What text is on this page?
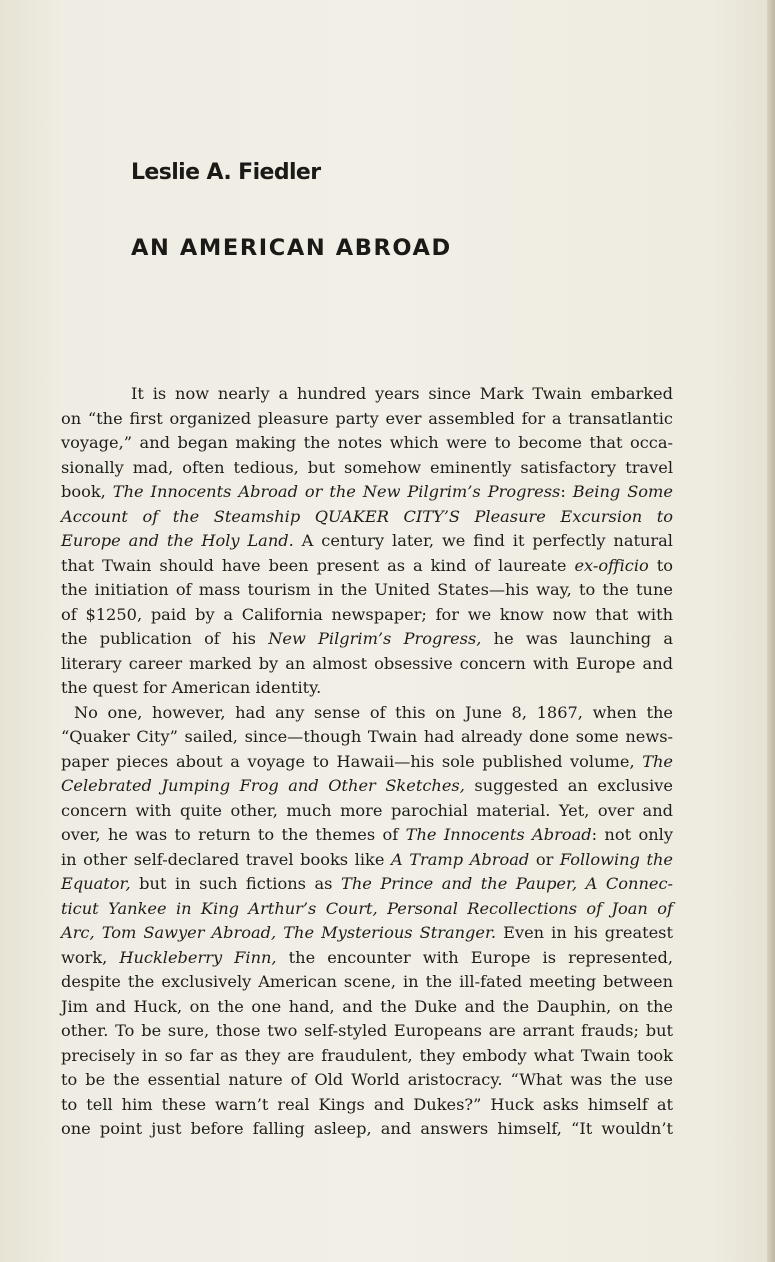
Leslie A. Fiedler
AN AMERICAN ABROAD
It is now nearly a hundred years since Mark Twain embarked
on “the first organized pleasure party ever assembled for a transatlantic
voyage,” and began making the notes which were to become that occa-
sionally mad, often tedious, but somehow eminently satisfactory travel
book, The Innocents Abroad or the New Pilgrim’s Progress: Being Some
Account of the Steamship QUAKER CITY’S Pleasure Excursion to
Europe and the Holy Land. A century later, we find it perfectly natural
that Twain should have been present as a kind of laureate ex-officio to
the initiation of mass tourism in the United States—his way, to the tune
of $1250, paid by a California newspaper; for we know now that with
the publication of his New Pilgrim’s Progress, he was launching a
literary career marked by an almost obsessive concern with Europe and
the quest for American identity.
No one, however, had any sense of this on June 8, 1867, when the
“Quaker City” sailed, since—though Twain had already done some news-
paper pieces about a voyage to Hawaii—his sole published volume, The
Celebrated Jumping Frog and Other Sketches, suggested an exclusive
concern with quite other, much more parochial material. Yet, over and
over, he was to return to the themes of The Innocents Abroad: not only
in other self-declared travel books like A Tramp Abroad or Following the
Equator, but in such fictions as The Prince and the Pauper, A Connec-
ticut Yankee in King Arthur’s Court, Personal Recollections of Joan of
Arc, Tom Sawyer Abroad, The Mysterious Stranger. Even in his greatest
work, Huckleberry Finn, the encounter with Europe is represented,
despite the exclusively American scene, in the ill-fated meeting between
Jim and Huck, on the one hand, and the Duke and the Dauphin, on the
other. To be sure, those two self-styled Europeans are arrant frauds; but
precisely in so far as they are fraudulent, they embody what Twain took
to be the essential nature of Old World aristocracy. “What was the use
to tell him these warn’t real Kings and Dukes?” Huck asks himself at
one point just before falling asleep, and answers himself, “It wouldn’t
